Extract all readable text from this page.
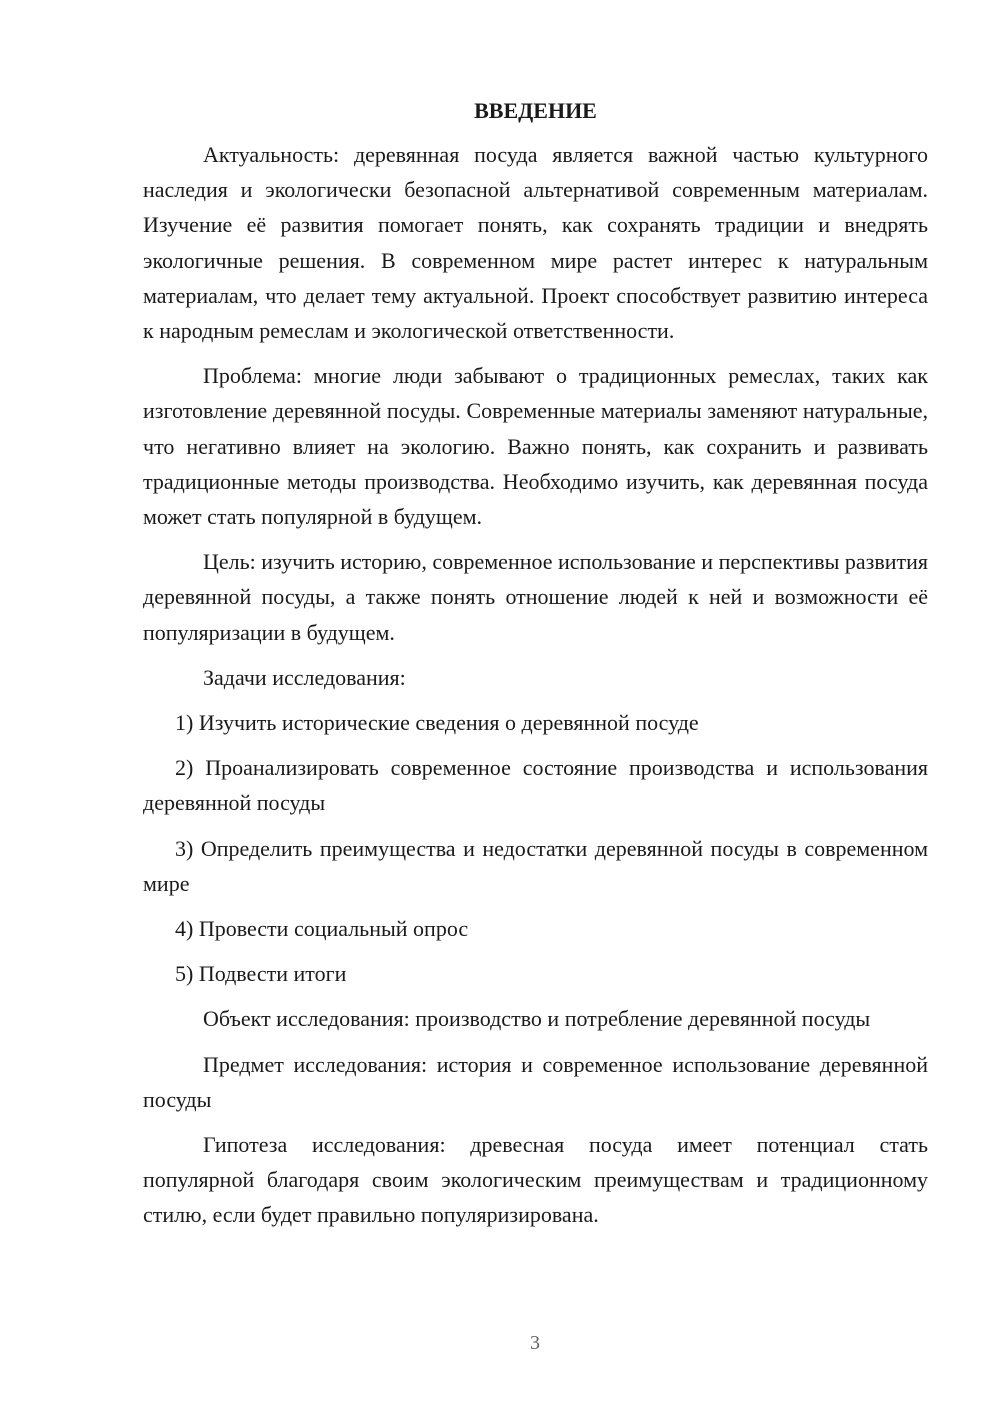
ВВЕДЕНИЕ

Актуальность: деревянная посуда является важной частью культурного наследия и экологически безопасной альтернативой современным материалам. Изучение её развития помогает понять, как сохранять традиции и внедрять экологичные решения. В современном мире растет интерес к натуральным материалам, что делает тему актуальной. Проект способствует развитию интереса к народным ремеслам и экологической ответственности.

Проблема: многие люди забывают о традиционных ремеслах, таких как изготовление деревянной посуды. Современные материалы заменяют натуральные, что негативно влияет на экологию. Важно понять, как сохранить и развивать традиционные методы производства. Необходимо изучить, как деревянная посуда может стать популярной в будущем.

Цель: изучить историю, современное использование и перспективы развития деревянной посуды, а также понять отношение людей к ней и возможности её популяризации в будущем.

Задачи исследования:

1) Изучить исторические сведения о деревянной посуде

2) Проанализировать современное состояние производства и использования деревянной посуды

3) Определить преимущества и недостатки деревянной посуды в современном мире

4) Провести социальный опрос

5) Подвести итоги

Объект исследования: производство и потребление деревянной посуды

Предмет исследования: история и современное использование деревянной посуды

Гипотеза исследования: древесная посуда имеет потенциал стать популярной благодаря своим экологическим преимуществам и традиционному стилю, если будет правильно популяризирована.

3
